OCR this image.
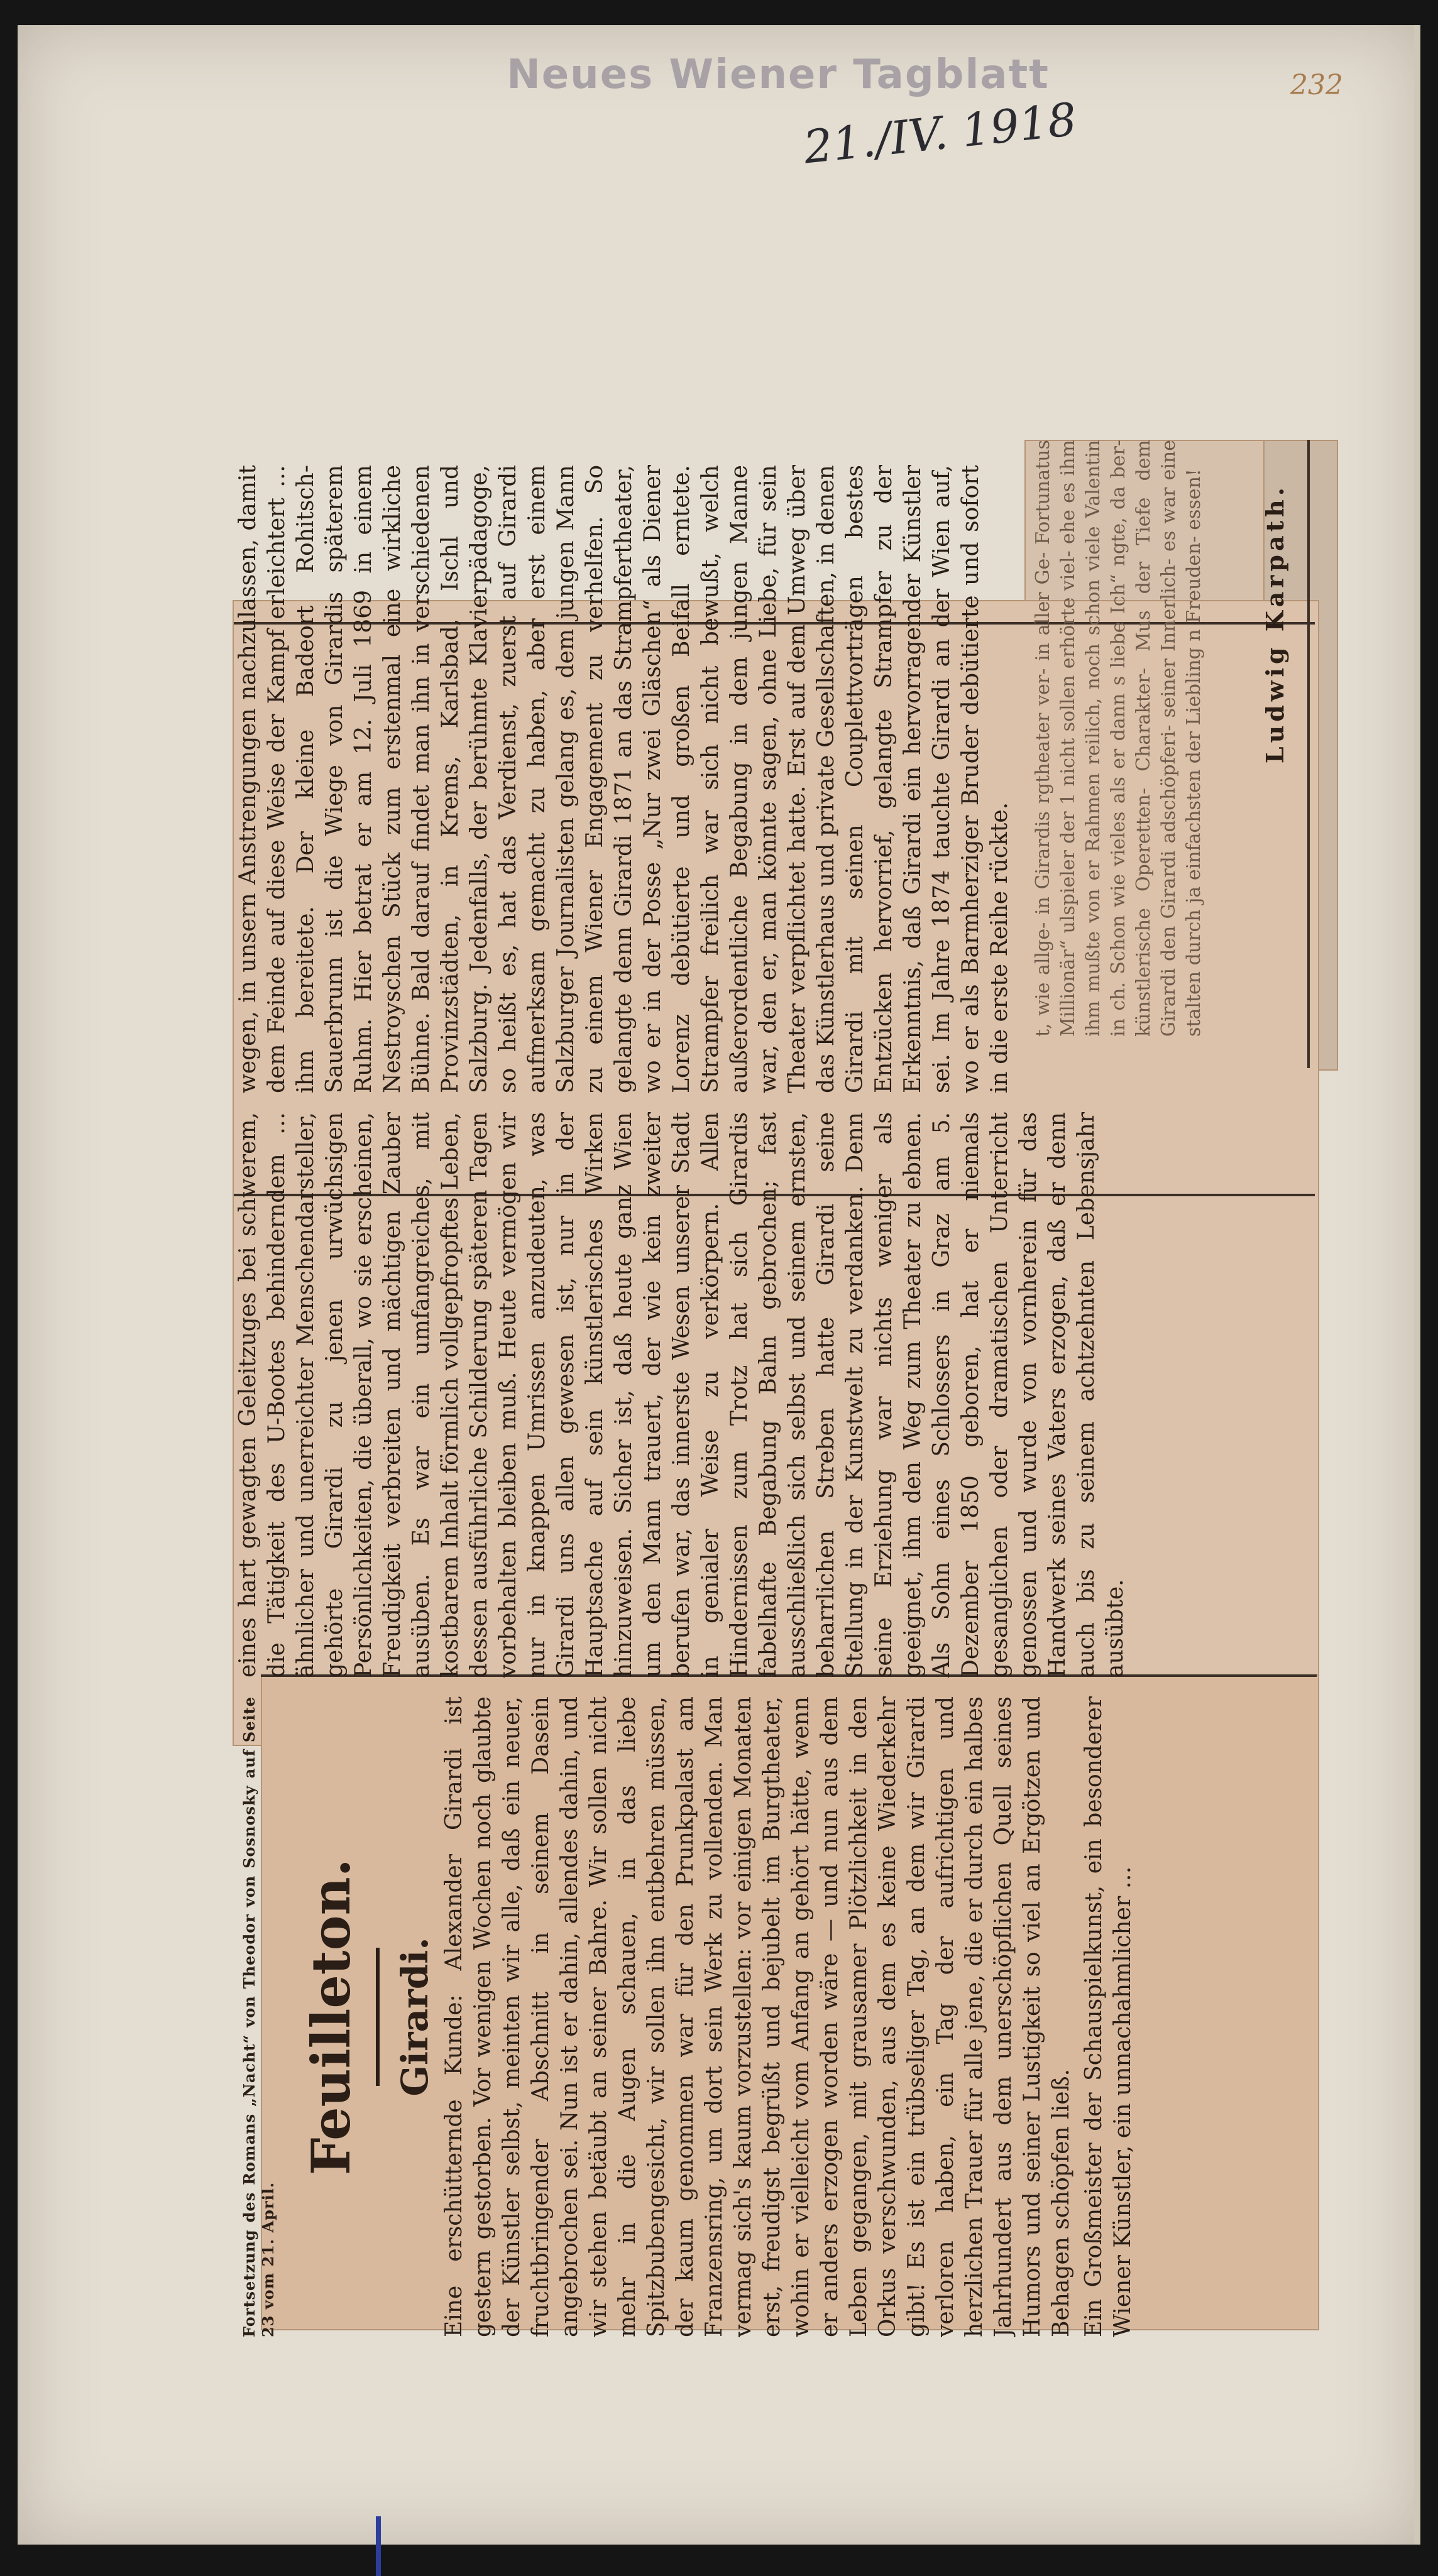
Neues Wiener Tagblatt
21./IV. 1918
232

Fortsetzung des Romans „Nacht“ von Theodor von Sosnosky auf Seite 23 vom 21. April.

Feuilleton. Girardi. Eine erschütternde Kunde: Alexander Girardi ist gestern gestorben. Vor wenigen Wochen noch glaubte der Künstler selbst, meinten wir alle, daß ein neuer, fruchtbringender Abschnitt in seinem Dasein angebrochen sei. Nun ist er dahin, allendes dahin, und wir stehen betäubt an seiner Bahre. Wir sollen nicht mehr in die Augen schauen, in das liebe Spitzbubengesicht, wir sollen ihn entbehren müssen, der kaum genommen war für den Prunkpalast am Franzensring, um dort sein Werk zu vollenden. Man vermag sich's kaum vorzustellen: vor einigen Monaten erst, freudigst begrüßt und bejubelt im Burgtheater, wohin er vielleicht vom Anfang an gehört hätte, wenn er anders erzogen worden wäre — und nun aus dem Leben gegangen, mit grausamer Plötzlichkeit in den Orkus verschwunden, aus dem es keine Wiederkehr gibt! Es ist ein trübseliger Tag, an dem wir Girardi verloren haben, ein Tag der aufrichtigen und herzlichen Trauer für alle jene, die er durch ein halbes Jahrhundert aus dem unerschöpflichen Quell seines Humors und seiner Lustigkeit so viel an Ergötzen und Behagen schöpfen ließ. Ein Großmeister der Schauspielkunst, ein besonderer Wiener Künstler, ein unnachahmlicher …

eines hart gewagten Geleitzuges bei schwerem, die Tätigkeit des U-Bootes behinderndem … ähnlicher und unerreichter Menschendarsteller, gehörte Girardi zu jenen urwüchsigen Persönlichkeiten, die überall, wo sie erscheinen, Freudigkeit verbreiten und mächtigen Zauber ausüben. Es war ein umfangreiches, mit kostbarem Inhalt förmlich vollgepfropftes Leben, dessen ausführliche Schilderung späteren Tagen vorbehalten bleiben muß. Heute vermögen wir nur in knappen Umrissen anzudeuten, was Girardi uns allen gewesen ist, nur in der Hauptsache auf sein künstlerisches Wirken hinzuweisen. Sicher ist, daß heute ganz Wien um den Mann trauert, der wie kein zweiter berufen war, das innerste Wesen unserer Stadt in genialer Weise zu verkörpern. Allen Hindernissen zum Trotz hat sich Girardis fabelhafte Begabung Bahn gebrochen; fast ausschließlich sich selbst und seinem ernsten, beharrlichen Streben hatte Girardi seine Stellung in der Kunstwelt zu verdanken. Denn seine Erziehung war nichts weniger als geeignet, ihm den Weg zum Theater zu ebnen. Als Sohn eines Schlossers in Graz am 5. Dezember 1850 geboren, hat er niemals gesanglichen oder dramatischen Unterricht genossen und wurde von vornherein für das Handwerk seines Vaters erzogen, daß er denn auch bis zu seinem achtzehnten Lebensjahr ausübte.

wegen, in unsern Anstrengungen nachzulassen, damit dem Feinde auf diese Weise der Kampf erleichtert … ihm bereitete. Der kleine Badeort Rohitsch-Sauerbrunn ist die Wiege von Girardis späterem Ruhm. Hier betrat er am 12. Juli 1869 in einem Nestroyschen Stück zum erstenmal eine wirkliche Bühne. Bald darauf findet man ihn in verschiedenen Provinzstädten, in Krems, Karlsbad, Ischl und Salzburg. Jedenfalls, der berühmte Klavierpädagoge, so heißt es, hat das Verdienst, zuerst auf Girardi aufmerksam gemacht zu haben, aber erst einem Salzburger Journalisten gelang es, dem jungen Mann zu einem Wiener Engagement zu verhelfen. So gelangte denn Girardi 1871 an das Strampfertheater, wo er in der Posse „Nur zwei Gläschen“ als Diener Lorenz debütierte und großen Beifall erntete. Strampfer freilich war sich nicht bewußt, welch außerordentliche Begabung in dem jungen Manne war, den er, man könnte sagen, ohne Liebe, für sein Theater verpflichtet hatte. Erst auf dem Umweg über das Künstlerhaus und private Gesellschaften, in denen Girardi mit seinen Couplettvorträgen bestes Entzücken hervorrief, gelangte Strampfer zu der Erkenntnis, daß Girardi ein hervorragender Künstler sei. Im Jahre 1874 tauchte Girardi an der Wien auf, wo er als Barmherziger Bruder debütierte und sofort in die erste Reihe rückte.

Ludwig Karpath.
t, wie allge- in Girardis rgtheater ver- in aller Ge- Fortunatus Millionär“ ulspieler der 1 nicht sollen erhörte viel- ehe es ihm ihm mußte von er Rahmen reilich, noch schon viele Valentin in ch. Schon wie vieles als er dann s liebe Ich“ ngte, da ber- künstlerische Operetten- Charakter- Mus der Tiefe dem Girardi den Girardi adschöpferi- seiner Innerlich- es war eine stalten durch ja einfachsten der Liebling n Freuden- essen!
